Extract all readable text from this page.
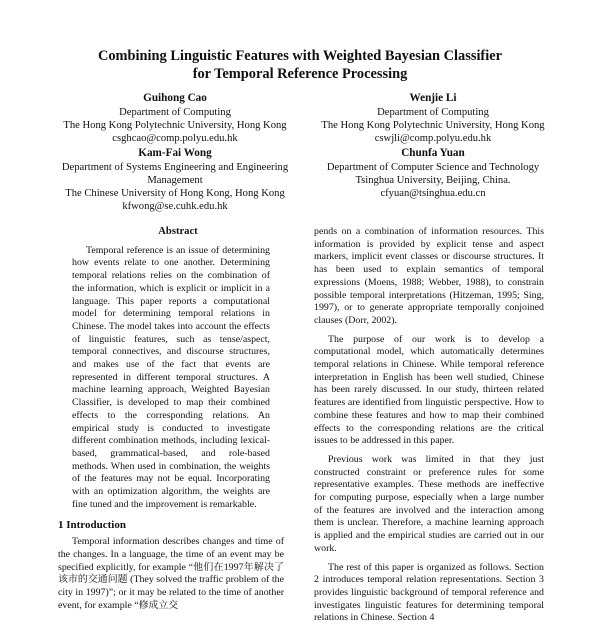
Combining Linguistic Features with Weighted Bayesian Classifier
for Temporal Reference Processing
Guihong Cao
Department of Computing
The Hong Kong Polytechnic University, Hong Kong
csghcao@comp.polyu.edu.hk
Wenjie Li
Department of Computing
The Hong Kong Polytechnic University, Hong Kong
cswjli@comp.polyu.edu.hk
Kam-Fai Wong
Department of Systems Engineering and Engineering
Management
The Chinese University of Hong Kong, Hong Kong
kfwong@se.cuhk.edu.hk
Chunfa Yuan
Department of Computer Science and Technology
Tsinghua University, Beijing, China.
cfyuan@tsinghua.edu.cn

Abstract

Temporal reference is an issue of determining how events relate to one another. Determining temporal relations relies on the combination of the information, which is explicit or implicit in a language. This paper reports a computational model for determining temporal relations in Chinese. The model takes into account the effects of linguistic features, such as tense/aspect, temporal connectives, and discourse structures, and makes use of the fact that events are represented in different temporal structures. A machine learning approach, Weighted Bayesian Classifier, is developed to map their combined effects to the corresponding relations. An empirical study is conducted to investigate different combination methods, including lexical-based, grammatical-based, and role-based methods. When used in combination, the weights of the features may not be equal. Incorporating with an optimization algorithm, the weights are fine tuned and the improvement is remarkable.

1 Introduction

Temporal information describes changes and time of the changes. In a language, the time of an event may be specified explicitly, for example “他们在1997年解决了该市的交通问题 (They solved the traffic problem of the city in 1997)”; or it may be related to the time of another event, for example “修成立交

pends on a combination of information resources. This information is provided by explicit tense and aspect markers, implicit event classes or discourse structures. It has been used to explain semantics of temporal expressions (Moens, 1988; Webber, 1988), to constrain possible temporal interpretations (Hitzeman, 1995; Sing, 1997), or to generate appropriate temporally conjoined clauses (Dorr, 2002).

The purpose of our work is to develop a computational model, which automatically determines temporal relations in Chinese. While temporal reference interpretation in English has been well studied, Chinese has been rarely discussed. In our study, thirteen related features are identified from linguistic perspective. How to combine these features and how to map their combined effects to the corresponding relations are the critical issues to be addressed in this paper.

Previous work was limited in that they just constructed constraint or preference rules for some representative examples. These methods are ineffective for computing purpose, especially when a large number of the features are involved and the interaction among them is unclear. Therefore, a machine learning approach is applied and the empirical studies are carried out in our work.

The rest of this paper is organized as follows. Section 2 introduces temporal relation representations. Section 3 provides linguistic background of temporal reference and investigates linguistic features for determining temporal relations in Chinese. Section 4
